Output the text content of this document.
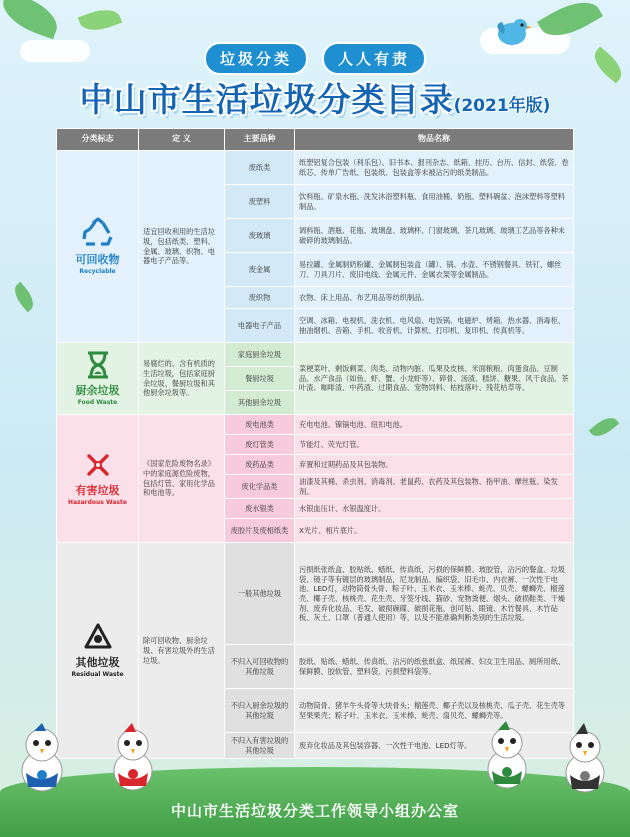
垃圾分类	人人有责
中山市生活垃圾分类目录(2021年版)
分类标志	定 义	主要品种	物品名称

可回收物
Recyclable	适宜回收利用的生活垃圾，包括纸类、塑料、金属、玻璃、织物、电器电子产品等。	废纸类	纸塑铝复合包装（利乐包）、旧书本、报刊杂志、纸箱、挂历、台历、信封、纸袋、卷纸芯、传单广告纸、包装纸、包装盒等未被沾污的纸类制品。
		废塑料	饮料瓶、矿泉水瓶、洗发沐浴塑料瓶、食用油桶、奶瓶、塑料碗盆、泡沫塑料等塑料制品。
		废玻璃	调料瓶、酒瓶、花瓶、玻璃盘、玻璃杯、门窗玻璃、茶几玻璃、玻璃工艺品等各种未破碎的玻璃制品。
		废金属	易拉罐、金属制奶粉罐、金属制包装盒（罐）、锅、水壶、不锈钢餐具、铁钉、螺丝刀、刀具刀片、废旧电线、金属元件、金属衣架等金属制品。
		废织物	衣物、床上用品、布艺用品等纺织制品。
		电器电子产品	空调、冰箱、电视机、洗衣机、电风扇、电饭锅、电磁炉、烤箱、热水器、消毒柜、抽油烟机、音箱、手机、收音机、计算机、打印机、复印机、传真机等。

厨余垃圾
Food Waste	易腐烂的、含有机质的生活垃圾，包括家庭厨余垃圾、餐厨垃圾和其他厨余垃圾等。	家庭厨余垃圾	菜梗菜叶、剩饭剩菜、肉类、动物内脏、瓜果及皮核、米面粮粮、肉蛋食品、豆制品、水产食品（如鱼、虾、蟹、小龙虾等）、碎骨、汤渣、糕饼、糖果、风干食品、茶叶渣、咖啡渣、中药渣、过期食品、宠物饲料、枯枝落叶、残花枯草等。
		餐厨垃圾	
		其他厨余垃圾	

有害垃圾
Hazardous Waste	《国家危险废物名录》中的家庭源危险废物，包括灯管、家用化学品和电池等。	废电池类	充电电池、镍镉电池、纽扣电池。
		废灯管类	节能灯、荧光灯管。
		废药品类	弃置和过期药品及其包装物。
		废化学品类	油漆及其桶、杀虫剂、消毒剂、老鼠药、农药及其包装物、指甲油、摩丝瓶、染发剂。
		废水银类	水银血压计、水银温度计。
		废胶片及废相纸类	X光片、相片底片。

其他垃圾
Residual Waste	除可回收物、厨余垃圾、有害垃圾外的生活垃圾。	一般其他垃圾	污损纸张纸盒、胶贴纸、蜡纸、传真纸，污损的保鲜膜、玻胶管，沾污的餐盒、垃圾袋、镜子等有镀层的玻璃制品，尼龙制品、编织袋、旧毛巾、内衣裤、一次性干电池、LED灯，动物筒骨头骨、粽子叶、玉米衣、玉米棒、蚝壳、贝壳、螺蛳壳、榴莲壳、椰子壳、核桃壳、花生壳、牙签牙线、猫砂、宠物粪便、烟头、破损鞋类、干燥剂、废弃化妆品、毛发、破损碗碟、破损花瓶、创可贴、眼镜、木竹餐具、木竹砧板、灰土、口罩（普通人使用）等，以及不能准确判断类别的生活垃圾。
		不归入可回收物的其他垃圾	胶纸、贴纸、蜡纸、传真纸、沾污的纸张纸盒、纸尿裤、妇女卫生用品、厕所用纸、保鲜膜、胶软管、塑料袋、污损塑料袋等。
		不归入厨余垃圾的其他垃圾	动物筒骨、猪羊牛头骨等大块骨头；榴莲壳、椰子壳以及核桃壳、瓜子壳、花生壳等坚果果壳；粽子叶、玉米衣、玉米棒、蚝壳、扇贝壳、螺蛳壳等。
		不归入有害垃圾的其他垃圾	废弃化妆品及其包装容器、一次性干电池、LED灯等。
中山市生活垃圾分类工作领导小组办公室
